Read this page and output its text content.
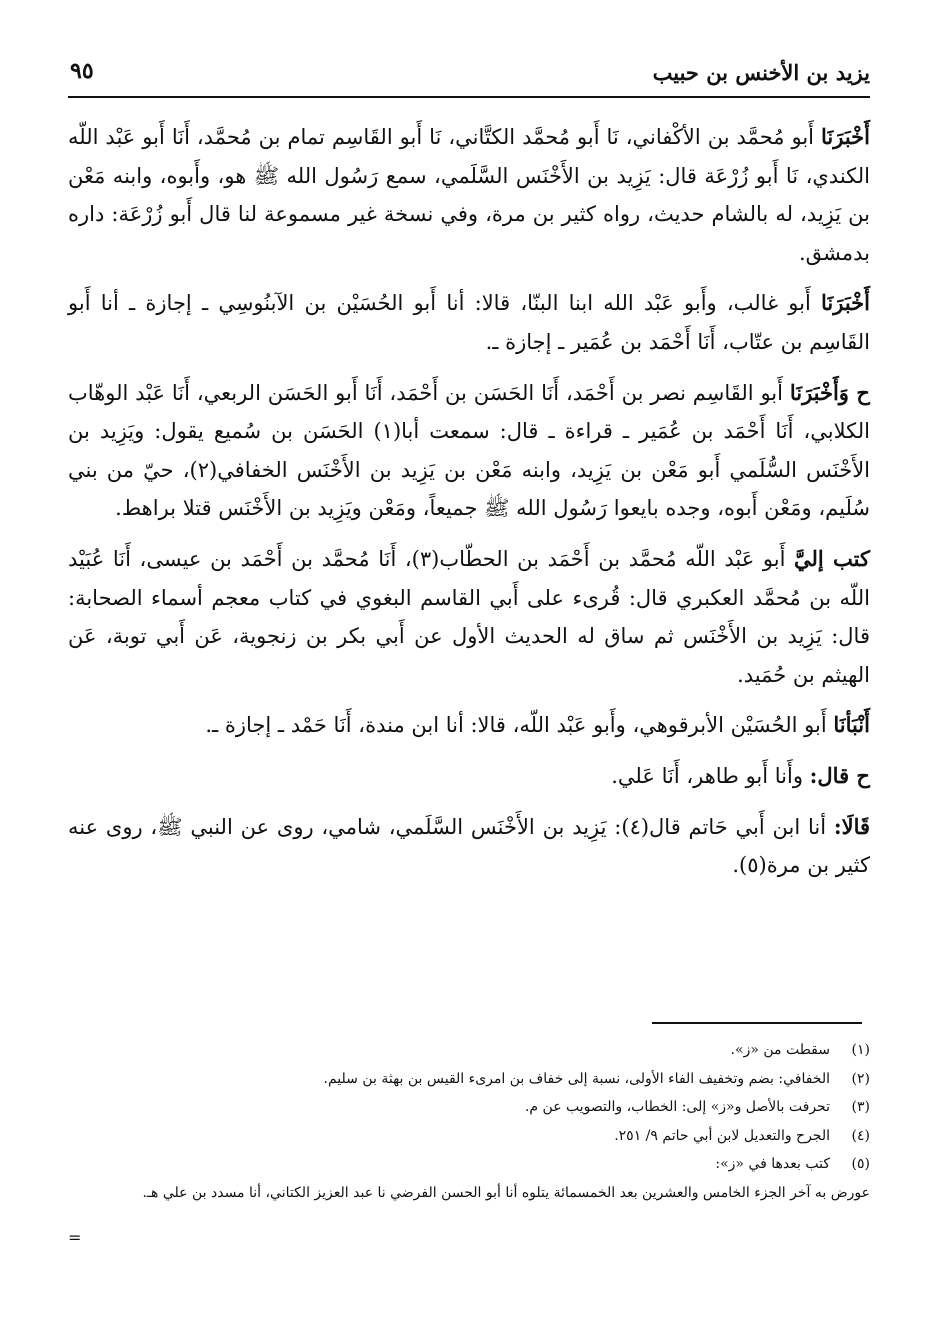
يزيد بن الأخنس بن حبيب
٩٥

أَخْبَرَنَا أَبو مُحمَّد بن الأكْفاني، نَا أَبو مُحمَّد الكتَّاني، نَا أَبو القَاسِم تمام بن مُحمَّد، أَنَا أَبو عَبْد اللّه الكندي، نَا أَبو زُرْعَة قال: يَزِيد بن الأَخْنَس السَّلَمي، سمع رَسُول الله ﷺ هو، وأَبوه، وابنه مَعْن بن يَزِيد، له بالشام حديث، رواه كثير بن مرة، وفي نسخة غير مسموعة لنا قال أَبو زُرْعَة: داره بدمشق.

أَخْبَرَنَا أَبو غالب، وأَبو عَبْد الله ابنا البنّا، قالا: أنا أَبو الحُسَيْن بن الآبنُوسِي ـ إجازة ـ أنا أَبو القَاسِم بن عتّاب، أَنَا أَحْمَد بن عُمَير ـ إجازة ـ.

ح وَأَخْبَرَنَا أَبو القَاسِم نصر بن أَحْمَد، أَنَا الحَسَن بن أَحْمَد، أَنَا أَبو الحَسَن الربعي، أَنَا عَبْد الوهّاب الكلابي، أَنَا أَحْمَد بن عُمَير ـ قراءة ـ قال: سمعت أبا(١) الحَسَن بن سُميع يقول: ويَزِيد بن الأَخْنَس السُّلَمي أَبو مَعْن بن يَزِيد، وابنه مَعْن بن يَزِيد بن الأَخْنَس الخفافي(٢)، حيّ من بني سُلَيم، ومَعْن أَبوه، وجده بايعوا رَسُول الله ﷺ جميعاً، ومَعْن ويَزِيد بن الأَخْنَس قتلا براهط.

كتب إليَّ أَبو عَبْد اللّه مُحمَّد بن أَحْمَد بن الحطّاب(٣)، أَنَا مُحمَّد بن أَحْمَد بن عيسى، أَنَا عُبَيْد اللّه بن مُحمَّد العكبري قال: قُرىء على أَبي القاسم البغوي في كتاب معجم أسماء الصحابة: قال: يَزِيد بن الأَخْنَس ثم ساق له الحديث الأول عن أَبي بكر بن زنجوية، عَن أَبي توبة، عَن الهيثم بن حُمَيد.

أَنْبَأنَا أَبو الحُسَيْن الأبرقوهي، وأَبو عَبْد اللّه، قالا: أنا ابن مندة، أَنَا حَمْد ـ إجازة ـ.

ح قال: وأَنا أَبو طاهر، أَنَا عَلي.

قَالَا: أنا ابن أَبي حَاتم قال(٤): يَزِيد بن الأَخْنَس السَّلَمي، شامي، روى عن النبي ﷺ، روى عنه كثير بن مرة(٥).

(١)
سقطت من «ز».
(٢)
الخفافي: بضم وتخفيف الفاء الأولى، نسبة إلى خفاف بن امرىء القيس بن بهثة بن سليم.
(٣)
تحرفت بالأصل و«ز» إلى: الخطاب، والتصويب عن م.
(٤)
الجرح والتعديل لابن أبي حاتم ٩/ ٢٥١.
(٥)
كتب بعدها في «ز»:
عورض به آخر الجزء الخامس والعشرين بعد الخمسمائة يتلوه أنا أبو الحسن الفرضي نا عبد العزيز الكتاني، أنا مسدد بن علي هـ.
=
